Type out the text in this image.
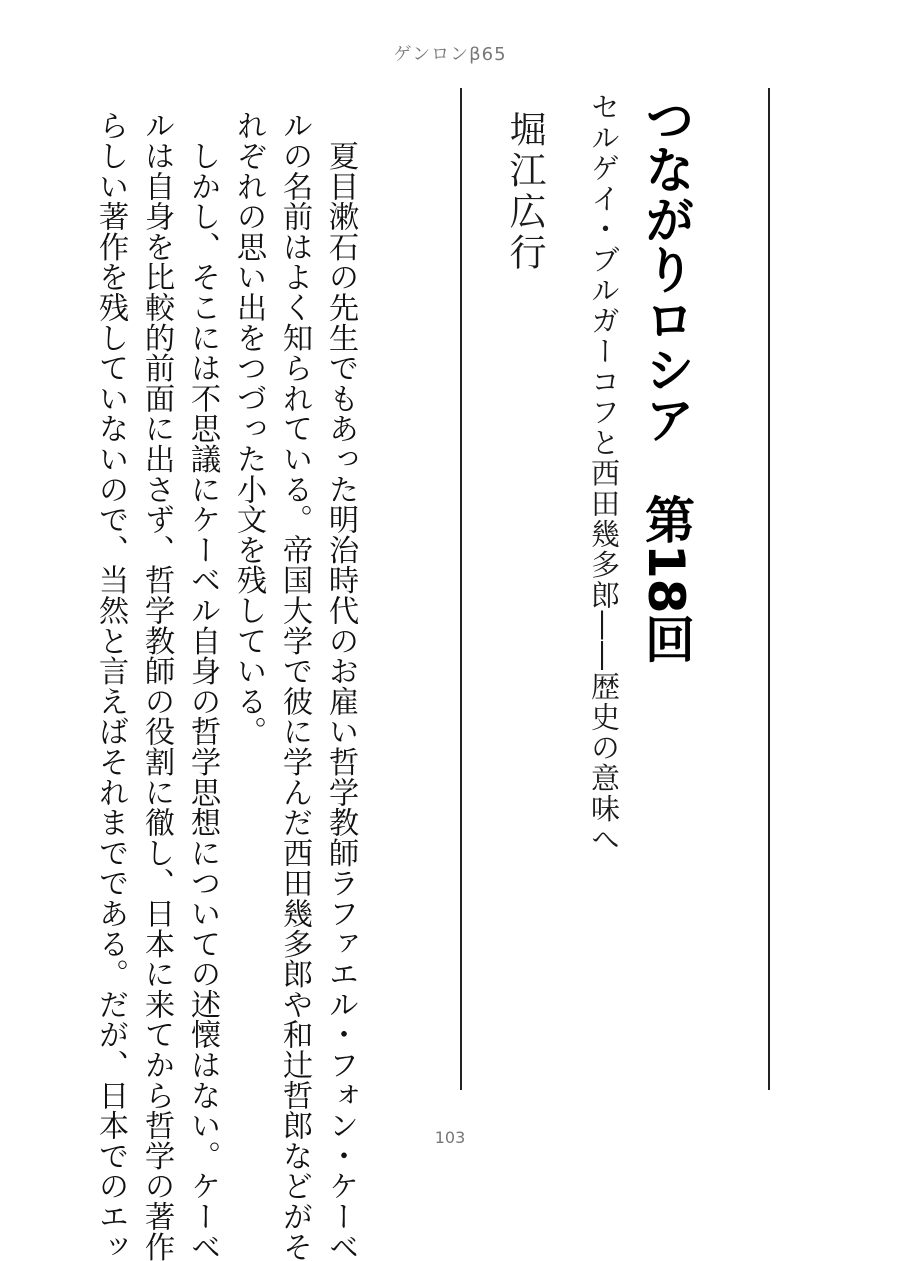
ゲンロンβ65
つながりロシア　第18回
セルゲイ・ブルガーコフと西田幾多郎――歴史の意味へ
堀江広行
　夏目漱石の先生でもあった明治時代のお雇い哲学教師ラファエル・フォン・ケーベ
ルの名前はよく知られている。帝国大学で彼に学んだ西田幾多郎や和辻哲郎などがそ
れぞれの思い出をつづった小文を残している。
　しかし、そこには不思議にケーベル自身の哲学思想についての述懐はない。ケーベ
ルは自身を比較的前面に出さず、哲学教師の役割に徹し、日本に来てから哲学の著作
らしい著作を残していないので、当然と言えばそれまでである。だが、日本でのエッ	103
